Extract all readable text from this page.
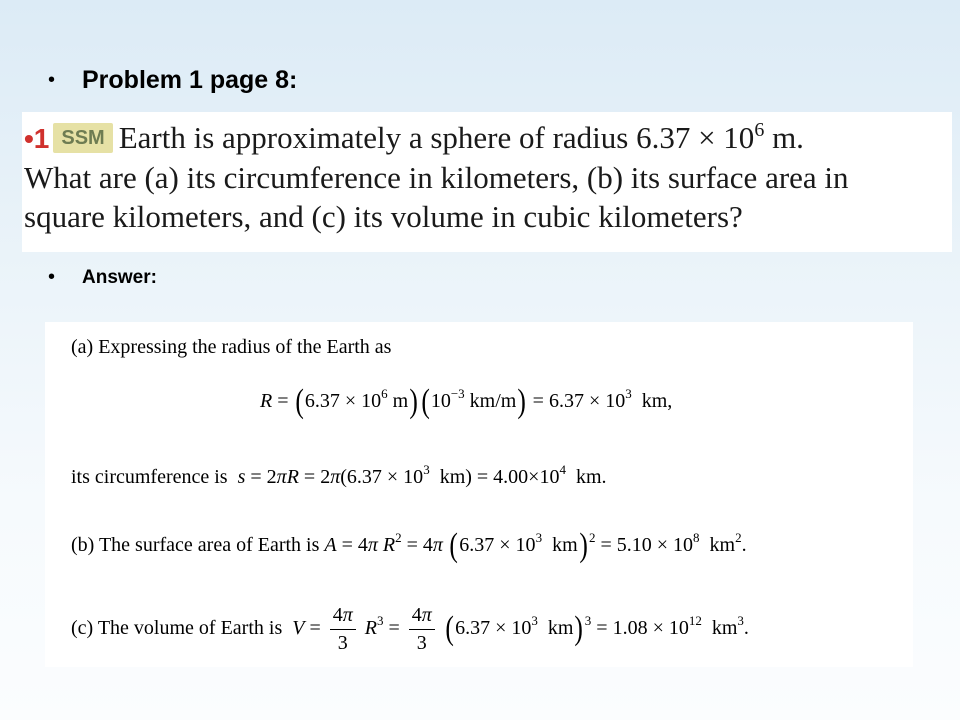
•	Problem 1 page 8:
•1 SSM Earth is approximately a sphere of radius $6.37 \times 10^6$ m.
What are (a) its circumference in kilometers, (b) its surface area in
square kilometers, and (c) its volume in cubic kilometers?
•	Answer:
(a) Expressing the radius of the Earth as
$R = (6.37 \times 10^6$ $m)(10^{-3}$ $km/m) = 6.37 \times 10^3$  km,
its circumference is $s = 2\pi R = 2\pi(6.37 \times 10^3$  $km) = 4.00\times 10^4$  km.
(b) The surface area of Earth is A = 4π $R^2 = 4\pi$ ($6.37 \times 10^3$  $km)^2 = 5.10 \times 10^8$  $km^2$.
(c) The volume of Earth is $V = \frac{4\pi}{3} R^3 = \frac{4\pi}{3} (6.37 \times 10^3$  $km)^3 = 1.08 \times 10^{12}$  $km^3$.
